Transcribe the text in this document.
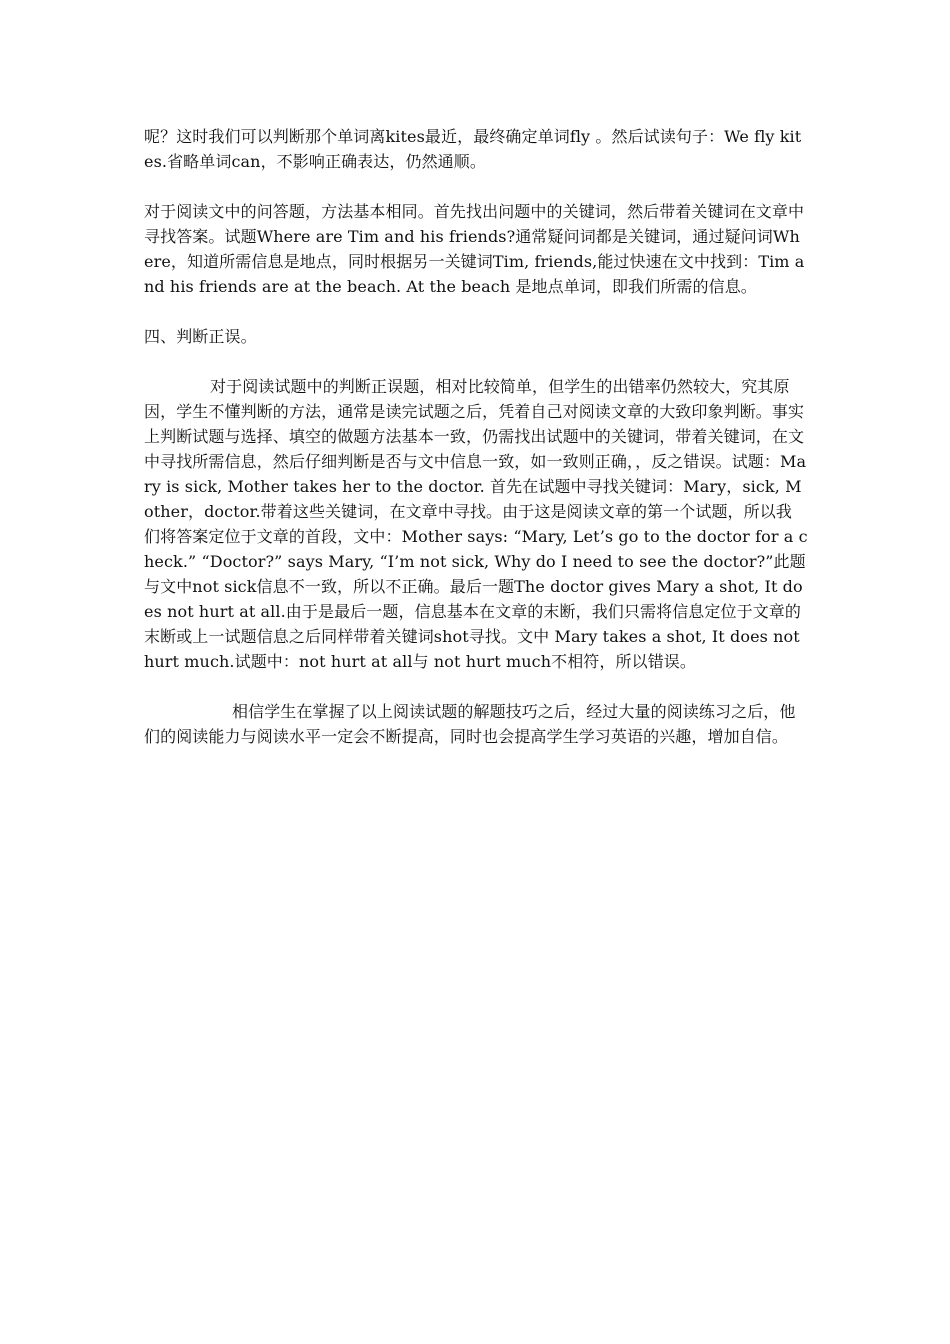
呢？这时我们可以判断那个单词离kites最近，最终确定单词fly 。然后试读句子：We fly kites.省略单词can，不影响正确表达，仍然通顺。

对于阅读文中的问答题，方法基本相同。首先找出问题中的关键词，然后带着关键词在文章中寻找答案。试题Where are Tim and his friends?通常疑问词都是关键词，通过疑问词Where，知道所需信息是地点，同时根据另一关键词Tim, friends,能过快速在文中找到：Tim and his friends are at the beach. At the beach 是地点单词，即我们所需的信息。

四、判断正误。

对于阅读试题中的判断正误题，相对比较简单，但学生的出错率仍然较大，究其原因，学生不懂判断的方法，通常是读完试题之后，凭着自己对阅读文章的大致印象判断。事实上判断试题与选择、填空的做题方法基本一致，仍需找出试题中的关键词，带着关键词，在文中寻找所需信息，然后仔细判断是否与文中信息一致，如一致则正确，，反之错误。试题：Mary is sick, Mother takes her to the doctor. 首先在试题中寻找关键词：Mary，sick, Mother，doctor.带着这些关键词，在文章中寻找。由于这是阅读文章的第一个试题，所以我们将答案定位于文章的首段，文中：Mother says: “Mary, Let’s go to the doctor for a check.” “Doctor?” says Mary, “I’m not sick, Why do I need to see the doctor?”此题与文中not sick信息不一致，所以不正确。最后一题The doctor gives Mary a shot, It does not hurt at all.由于是最后一题，信息基本在文章的末断，我们只需将信息定位于文章的末断或上一试题信息之后同样带着关键词shot寻找。文中 Mary takes a shot, It does not hurt much.试题中：not hurt at all与 not hurt much不相符，所以错误。

相信学生在掌握了以上阅读试题的解题技巧之后，经过大量的阅读练习之后，他们的阅读能力与阅读水平一定会不断提高，同时也会提高学生学习英语的兴趣，增加自信。
